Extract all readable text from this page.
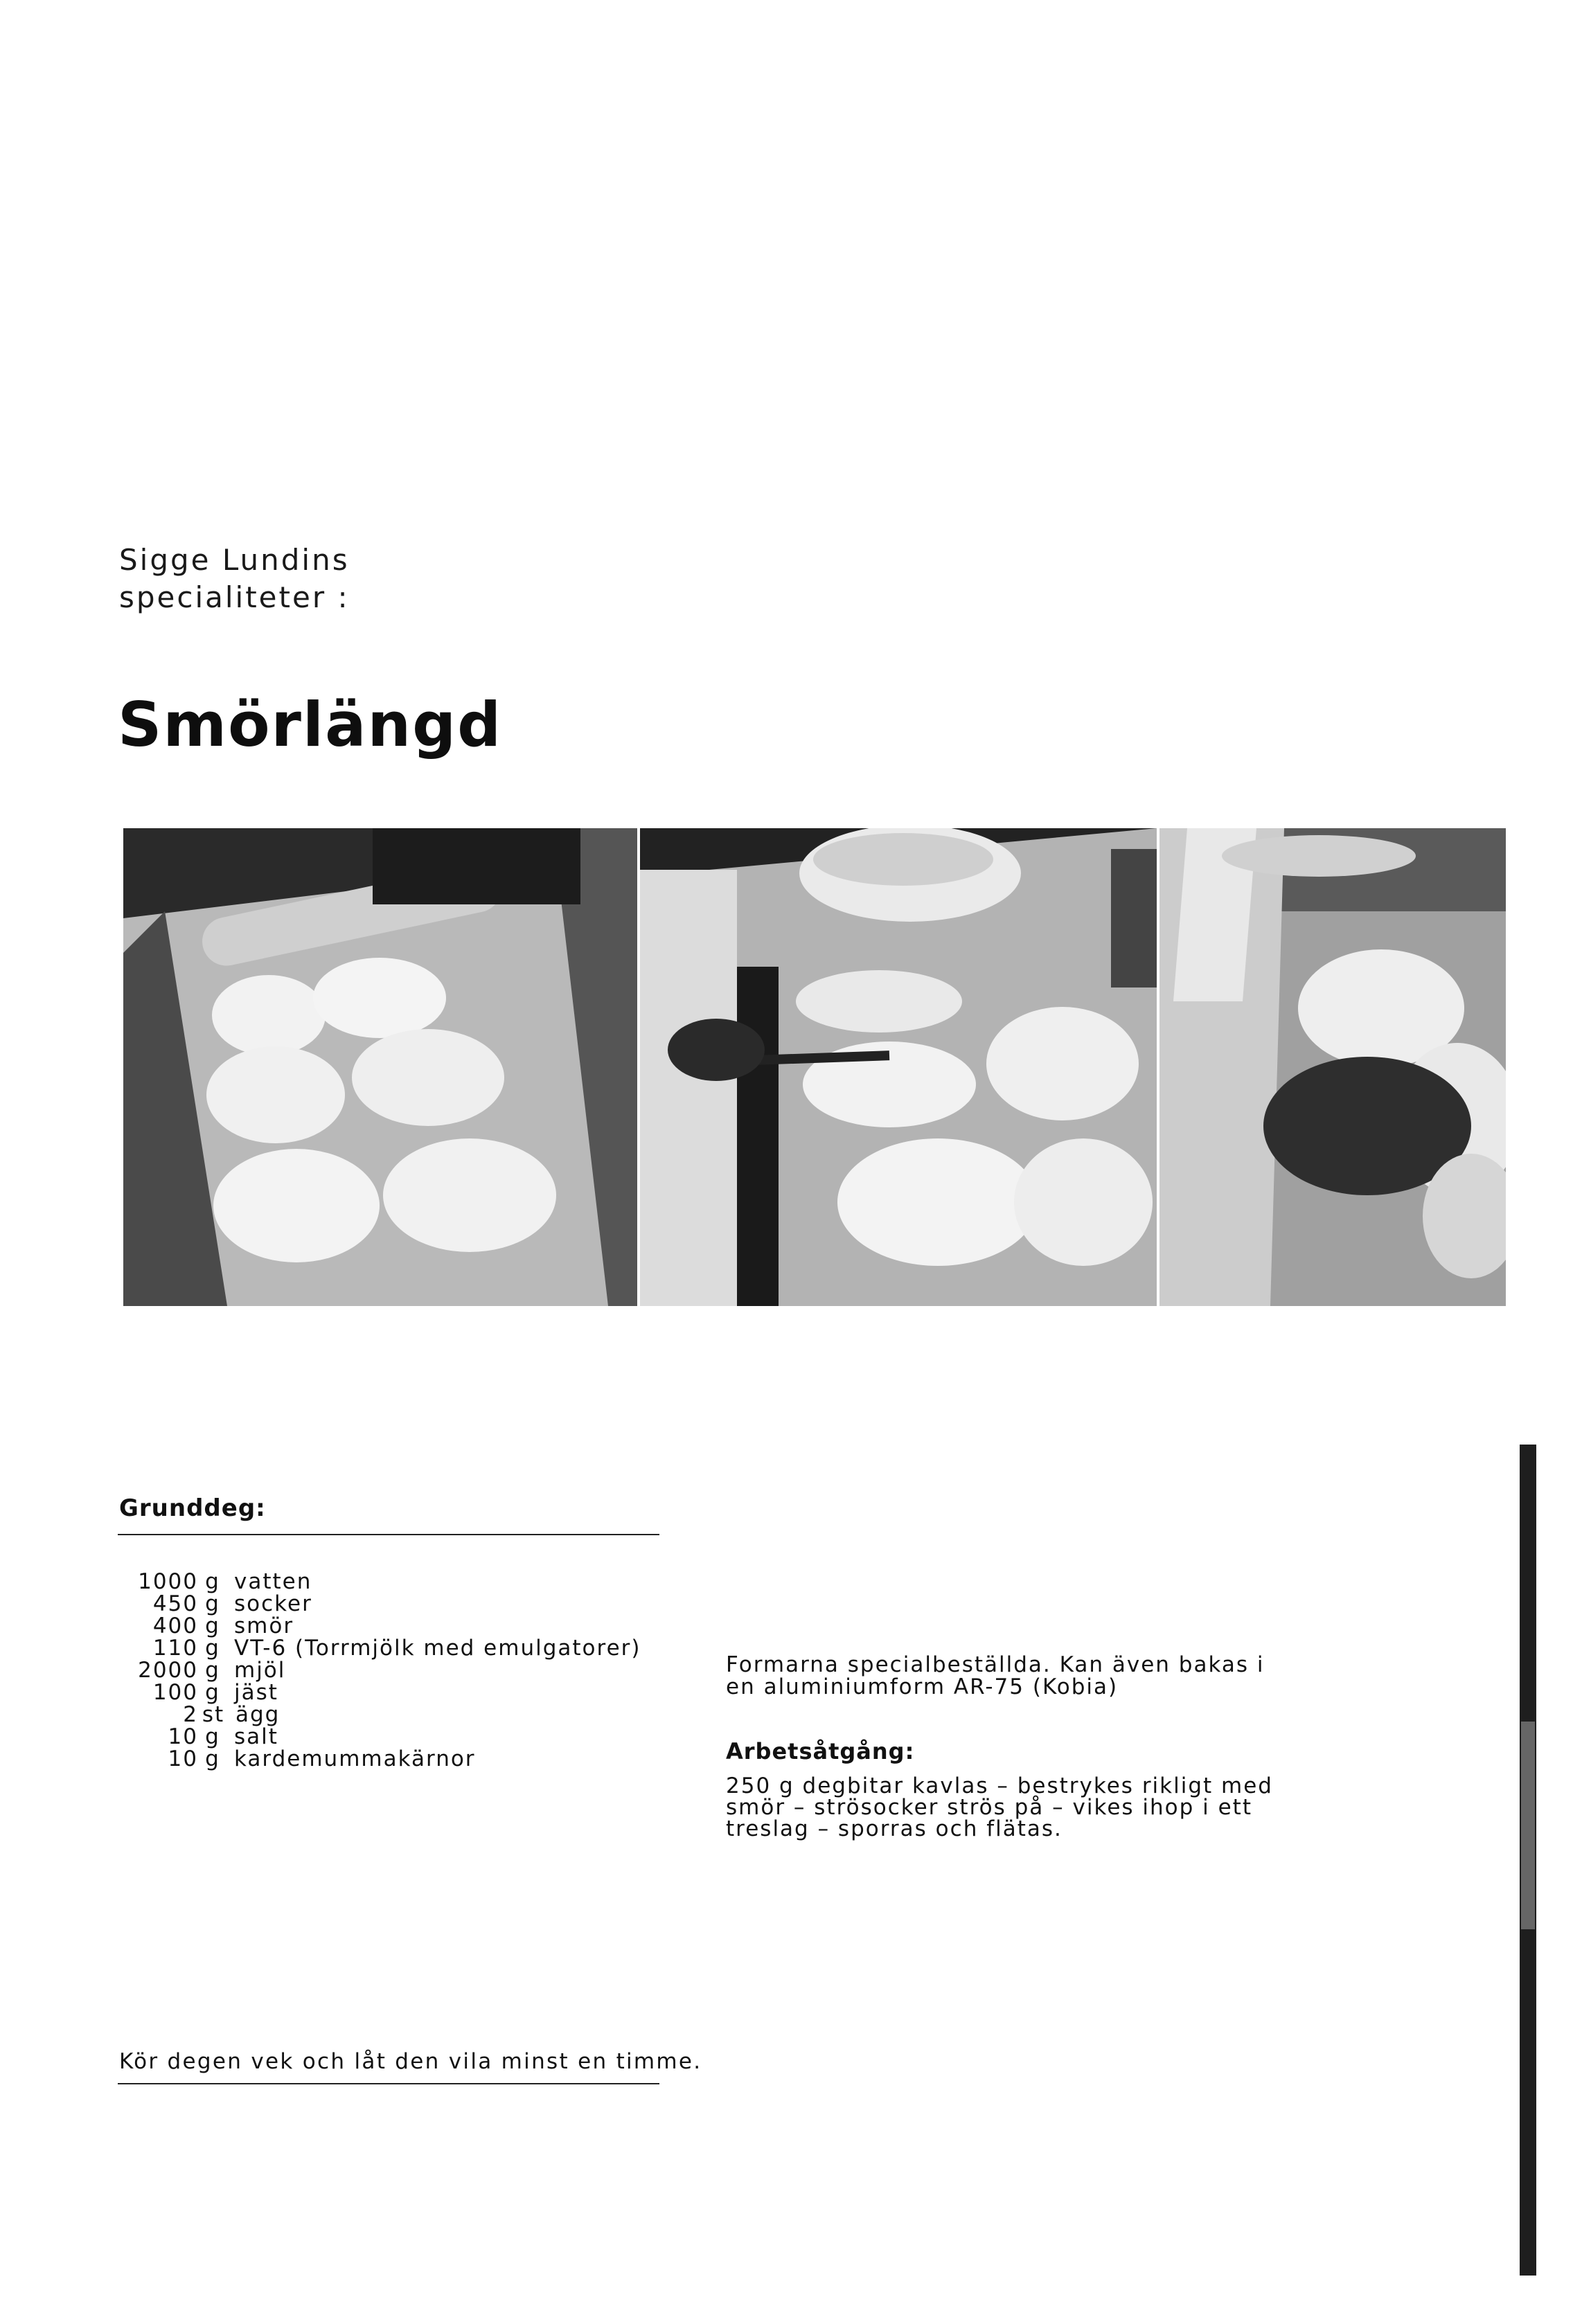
Sigge Lundins
specialiteter :
Smörlängd
Grunddeg:
1000 g vatten
450 g socker
400 g smör
110 g VT-6 (Torrmjölk med emulgatorer)
2000 g mjöl
100 g jäst
2 st ägg
10 g salt
10 g kardemummakärnor
Kör degen vek och låt den vila minst en timme.
Formarna specialbeställda. Kan även bakas i
en aluminiumform AR-75 (Kobia)
Arbetsåtgång:
250 g degbitar kavlas – bestrykes rikligt med
smör – strösocker strös på – vikes ihop i ett
treslag – sporras och flätas.
